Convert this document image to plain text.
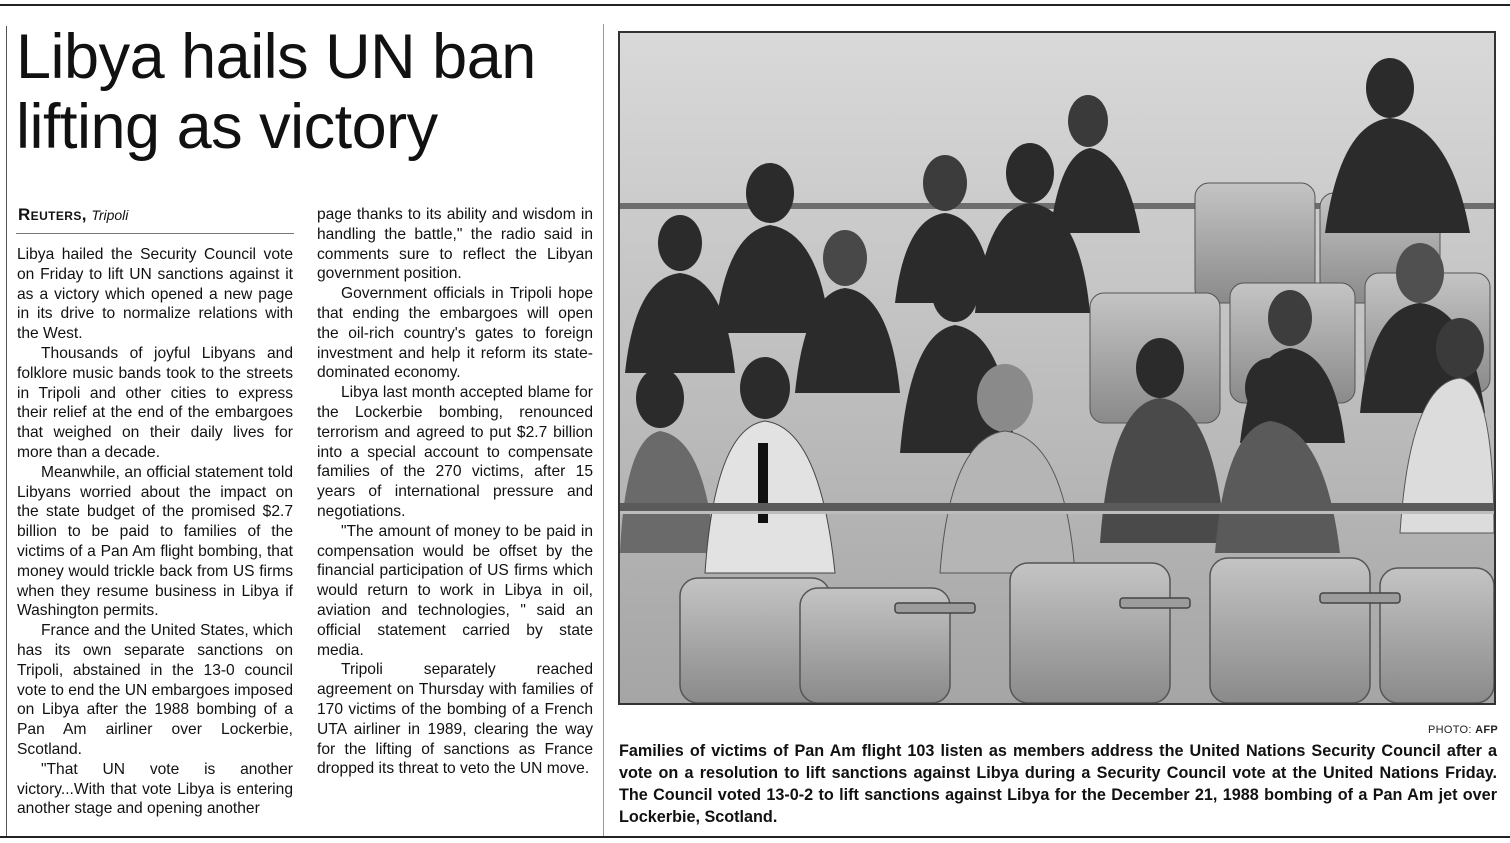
Libya hails UN ban lifting as victory
Reuters, Tripoli

Libya hailed the Security Council vote on Friday to lift UN sanctions against it as a victory which opened a new page in its drive to normalize relations with the West.

Thousands of joyful Libyans and folklore music bands took to the streets in Tripoli and other cities to express their relief at the end of the embargoes that weighed on their daily lives for more than a decade.

Meanwhile, an official statement told Libyans worried about the impact on the state budget of the promised $2.7 billion to be paid to families of the victims of a Pan Am flight bombing, that money would trickle back from US firms when they resume business in Libya if Washington permits.

France and the United States, which has its own separate sanctions on Tripoli, abstained in the 13-0 council vote to end the UN embargoes imposed on Libya after the 1988 bombing of a Pan Am airliner over Lockerbie, Scotland.

"That UN vote is another victory...With that vote Libya is entering another stage and opening another

page thanks to its ability and wisdom in handling the battle," the radio said in comments sure to reflect the Libyan government position.

Government officials in Tripoli hope that ending the embargoes will open the oil-rich country's gates to foreign investment and help it reform its state-dominated economy.

Libya last month accepted blame for the Lockerbie bombing, renounced terrorism and agreed to put $2.7 billion into a special account to compensate families of the 270 victims, after 15 years of international pressure and negotiations.

"The amount of money to be paid in compensation would be offset by the financial participation of US firms which would return to work in Libya in oil, aviation and technologies, " said an official statement carried by state media.

Tripoli separately reached agreement on Thursday with families of 170 victims of the bombing of a French UTA airliner in 1989, clearing the way for the lifting of sanctions as France dropped its threat to veto the UN move.

PHOTO: AFP

Families of victims of Pan Am flight 103 listen as members address the United Nations Security Council after a vote on a resolution to lift sanctions against Libya during a Security Council vote at the United Nations Friday. The Council voted 13-0-2 to lift sanctions against Libya for the December 21, 1988 bombing of a Pan Am jet over Lockerbie, Scotland.
